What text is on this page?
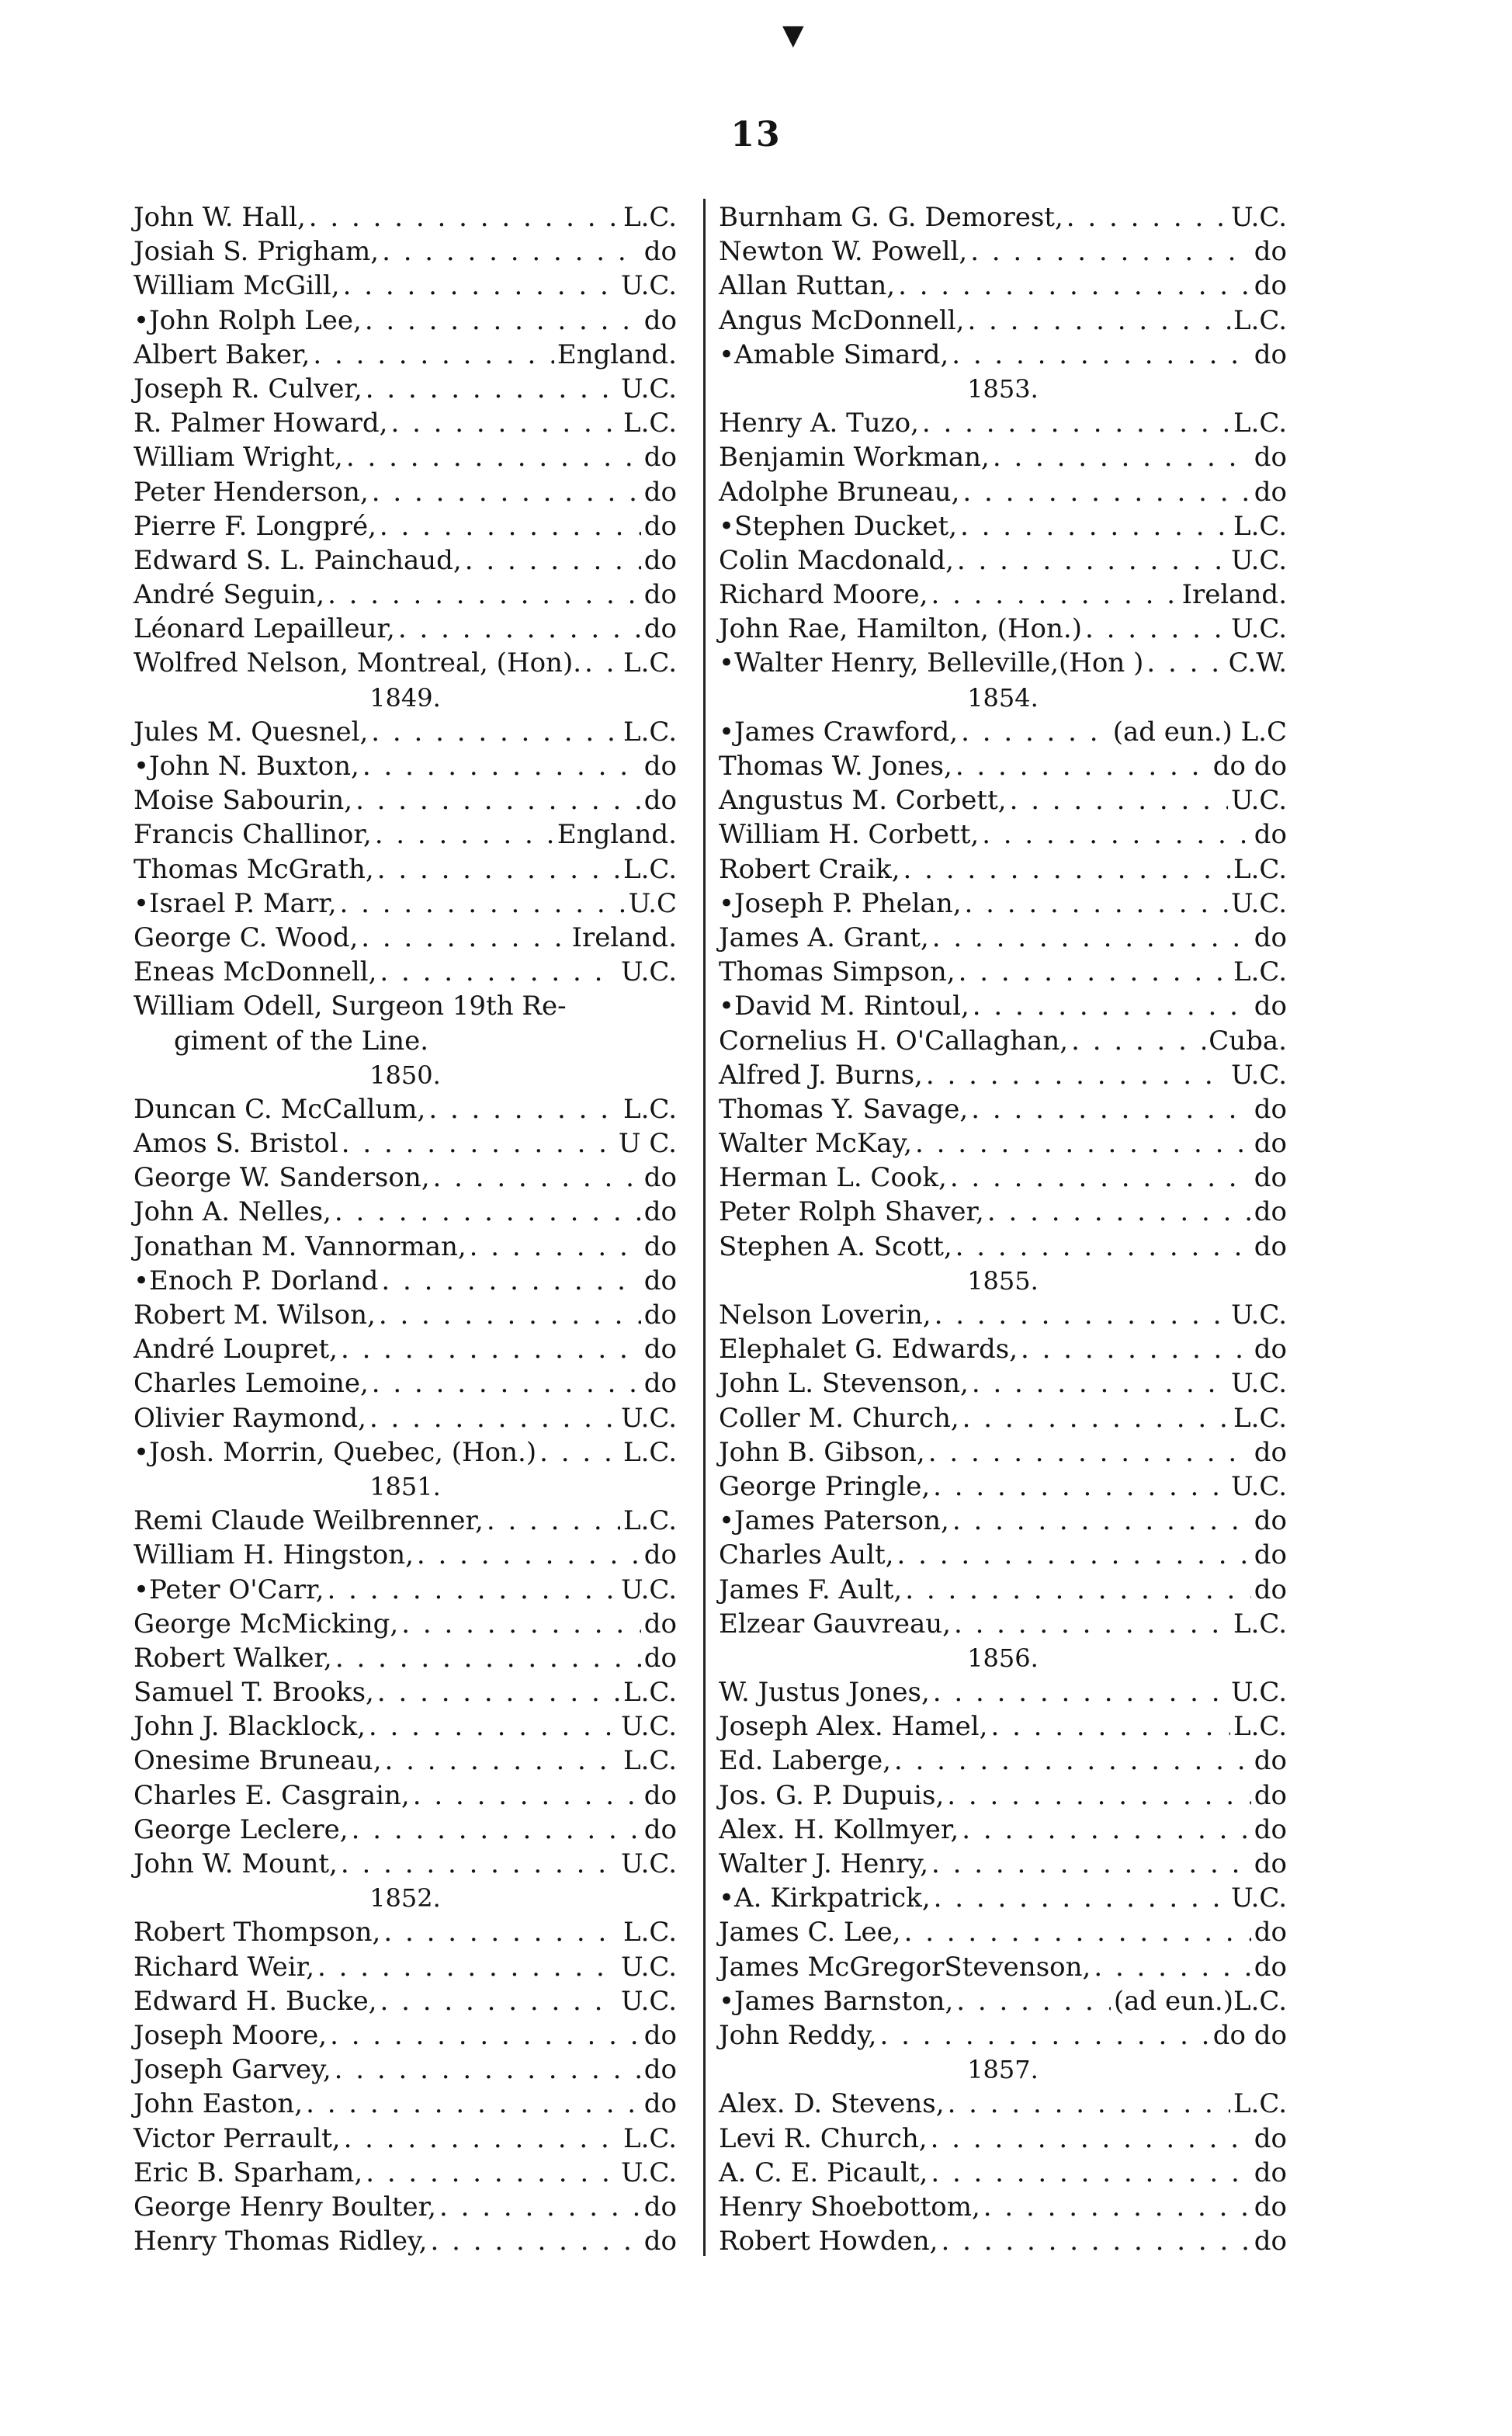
▼
13
John W. Hall, . . .	L.C.
Josiah S. Prigham, . . .	do
William McGill, . . .	U.C.
•John Rolph Lee, . . .	do
Albert Baker, . . .	England.
Joseph R. Culver, . . .	U.C.
R. Palmer Howard, . . .	L.C.
William Wright, . . .	do
Peter Henderson, . . .	do
Pierre F. Longpré, . . .	do
Edward S. L. Painchaud, . . .	do
André Seguin, . . .	do
Léonard Lepailleur, . . .	do
Wolfred Nelson, Montreal, (Hon). . . . L.C.
1849.
Jules M. Quesnel, . . .	L.C.
•John N. Buxton, . . .	do
Moise Sabourin, . . .	do
Francis Challinor, . . .	England.
Thomas McGrath, . . .	L.C.
•Israel P. Marr, . . .	U.C
George C. Wood, . . .	Ireland.
Eneas McDonnell, . . .	U.C.
William Odell, Surgeon 19th Re-
giment of the Line.
1850.
Duncan C. McCallum, . . .	L.C.
Amos S. Bristol . . .	U C.
George W. Sanderson, . . .	do
John A. Nelles, . . .	do
Jonathan M. Vannorman, . . .	do
•Enoch P. Dorland . . .	do
Robert M. Wilson, . . .	do
André Loupret, . . .	do
Charles Lemoine, . . .	do
Olivier Raymond, . . .	U.C.
•Josh. Morrin, Quebec, (Hon.) . . .	L.C.
1851.
Remi Claude Weilbrenner, . . .	L.C.
William H. Hingston, . . .	do
•Peter O'Carr, . . .	U.C.
George McMicking, . . .	do
Robert Walker, . . .	do
Samuel T. Brooks, . . .	L.C.
John J. Blacklock, . . .	U.C.
Onesime Bruneau, . . .	L.C.
Charles E. Casgrain, . . .	do
George Leclere, . . .	do
John W. Mount, . . .	U.C.
1852.
Robert Thompson, . . .	L.C.
Richard Weir, . . .	U.C.
Edward H. Bucke, . . .	U.C.
Joseph Moore, . . .	do
Joseph Garvey, . . .	do
John Easton, . . .	do
Victor Perrault, . . .	L.C.
Eric B. Sparham, . . .	U.C.
George Henry Boulter, . . .	do
Henry Thomas Ridley, . . .	do
Burnham G. G. Demorest, . . .	U.C.
Newton W. Powell, . . .	do
Allan Ruttan, . . .	do
Angus McDonnell, . . .	L.C.
•Amable Simard, . . .	do
1853.
Henry A. Tuzo, . . .	L.C.
Benjamin Workman, . . .	do
Adolphe Bruneau, . . .	do
•Stephen Ducket, . . .	L.C.
Colin Macdonald, . . .	U.C.
Richard Moore, . . .	Ireland.
John Rae, Hamilton, (Hon.) . . .	U.C.
•Walter Henry, Belleville,(Hon ) . . .	C.W.
1854.
•James Crawford, . . .	(ad eun.) L.C
Thomas W. Jones, . . .	do do
Angustus M. Corbett, . . .	U.C.
William H. Corbett, . . .	do
Robert Craik, . . .	L.C.
•Joseph P. Phelan, . . .	U.C.
James A. Grant, . . .	do
Thomas Simpson, . . .	L.C.
•David M. Rintoul, . . .	do
Cornelius H. O'Callaghan, . . .	Cuba.
Alfred J. Burns, . . .	U.C.
Thomas Y. Savage, . . .	do
Walter McKay, . . .	do
Herman L. Cook, . . .	do
Peter Rolph Shaver, . . .	do
Stephen A. Scott, . . .	do
1855.
Nelson Loverin, . . .	U.C.
Elephalet G. Edwards, . . .	do
John L. Stevenson, . . .	U.C.
Coller M. Church, . . .	L.C.
John B. Gibson, . . .	do
George Pringle, . . .	U.C.
•James Paterson, . . .	do
Charles Ault, . . .	do
James F. Ault, . . .	do
Elzear Gauvreau, . . .	L.C.
1856.
W. Justus Jones, . . .	U.C.
Joseph Alex. Hamel, . . .	L.C.
Ed. Laberge, . . .	do
Jos. G. P. Dupuis, . . .	do
Alex. H. Kollmyer, . . .	do
Walter J. Henry, . . .	do
•A. Kirkpatrick, . . .	U.C.
James C. Lee, . . .	do
James McGregorStevenson, . . .	do
•James Barnston, . . .	(ad eun.)L.C.
John Reddy, . . .	do do
1857.
Alex. D. Stevens, . . .	L.C.
Levi R. Church, . . .	do
A. C. E. Picault, . . .	do
Henry Shoebottom, . . .	do
Robert Howden, . . .	do
